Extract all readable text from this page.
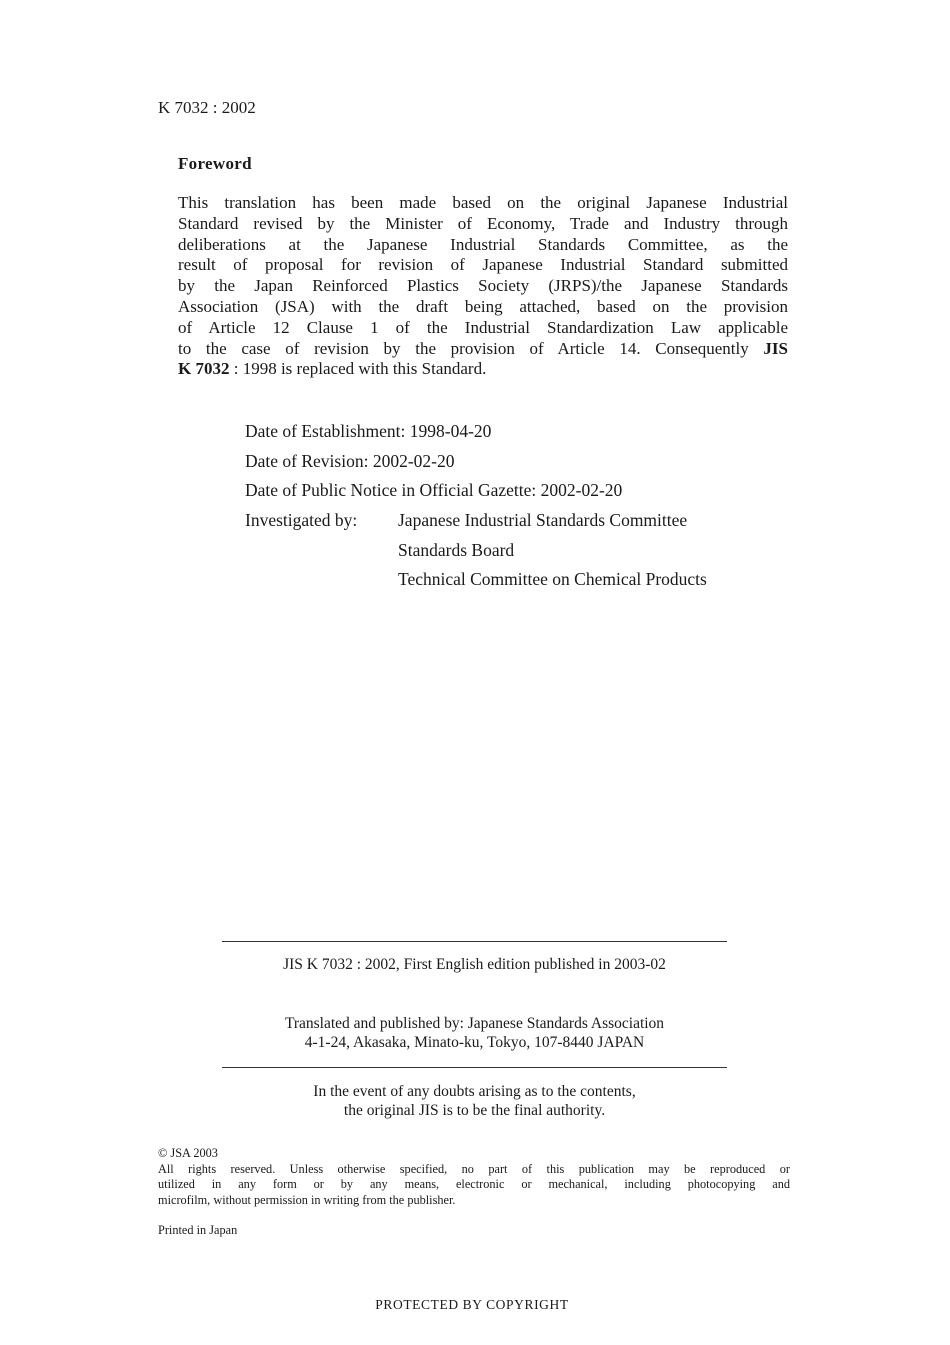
K 7032 : 2002
Foreword
This translation has been made based on the original Japanese Industrial
Standard revised by the Minister of Economy, Trade and Industry through
deliberations at the Japanese Industrial Standards Committee, as the
result of proposal for revision of Japanese Industrial Standard submitted
by the Japan Reinforced Plastics Society (JRPS)/the Japanese Standards
Association (JSA) with the draft being attached, based on the provision
of Article 12 Clause 1 of the Industrial Standardization Law applicable
to the case of revision by the provision of Article 14. Consequently JIS
K 7032 : 1998 is replaced with this Standard.
Date of Establishment: 1998-04-20
Date of Revision: 2002-02-20
Date of Public Notice in Official Gazette: 2002-02-20
Investigated by: Japanese Industrial Standards Committee
Standards Board
Technical Committee on Chemical Products
JIS K 7032 : 2002, First English edition published in 2003-02
Translated and published by: Japanese Standards Association
4-1-24, Akasaka, Minato-ku, Tokyo, 107-8440 JAPAN
In the event of any doubts arising as to the contents,
the original JIS is to be the final authority.
© JSA 2003
All rights reserved. Unless otherwise specified, no part of this publication may be reproduced or
utilized in any form or by any means, electronic or mechanical, including photocopying and
microfilm, without permission in writing from the publisher.
Printed in Japan
PROTECTED BY COPYRIGHT
